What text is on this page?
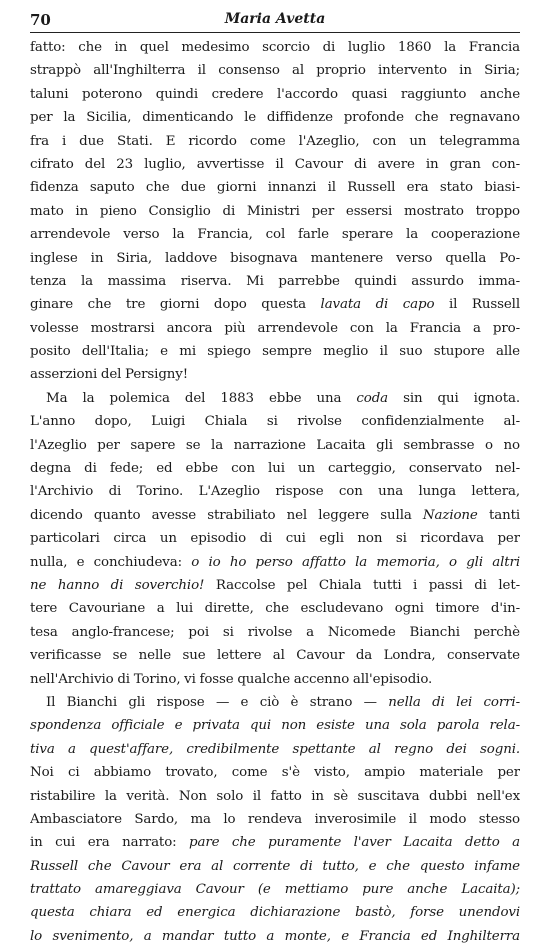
70	Maria Avetta
fatto: che in quel medesimo scorcio di luglio 1860 la Francia
strappò all'Inghilterra il consenso al proprio intervento in Siria;
taluni poterono quindi credere l'accordo quasi raggiunto anche
per la Sicilia, dimenticando le diffidenze profonde che regnavano
fra i due Stati. E ricordo come l'Azeglio, con un telegramma
cifrato del 23 luglio, avvertisse il Cavour di avere in gran con-
fidenza saputo che due giorni innanzi il Russell era stato biasi-
mato in pieno Consiglio di Ministri per essersi mostrato troppo
arrendevole verso la Francia, col farle sperare la cooperazione
inglese in Siria, laddove bisognava mantenere verso quella Po-
tenza la massima riserva. Mi parrebbe quindi assurdo imma-
ginare che tre giorni dopo questa lavata di capo il Russell
volesse mostrarsi ancora più arrendevole con la Francia a pro-
posito dell'Italia; e mi spiego sempre meglio il suo stupore alle
asserzioni del Persigny!
Ma la polemica del 1883 ebbe una coda sin qui ignota.
L'anno dopo, Luigi Chiala si rivolse confidenzialmente al-
l'Azeglio per sapere se la narrazione Lacaita gli sembrasse o no
degna di fede; ed ebbe con lui un carteggio, conservato nel-
l'Archivio di Torino. L'Azeglio rispose con una lunga lettera,
dicendo quanto avesse strabiliato nel leggere sulla Nazione tanti
particolari circa un episodio di cui egli non si ricordava per
nulla, e conchiudeva: o io ho perso affatto la memoria, o gli altri
ne hanno di soverchio! Raccolse pel Chiala tutti i passi di let-
tere Cavouriane a lui dirette, che escludevano ogni timore d'in-
tesa anglo-francese; poi si rivolse a Nicomede Bianchi perchè
verificasse se nelle sue lettere al Cavour da Londra, conservate
nell'Archivio di Torino, vi fosse qualche accenno all'episodio.
Il Bianchi gli rispose — e ciò è strano — nella di lei corri-
spondenza officiale e privata qui non esiste una sola parola rela-
tiva a quest'affare, credibilmente spettante al regno dei sogni.
Noi ci abbiamo trovato, come s'è visto, ampio materiale per
ristabilire la verità. Non solo il fatto in sè suscitava dubbi nell'ex
Ambasciatore Sardo, ma lo rendeva inverosimile il modo stesso
in cui era narrato: pare che puramente l'aver Lacaita detto a
Russell che Cavour era al corrente di tutto, e che questo infame
trattato amareggiava Cavour (e mettiamo pure anche Lacaita);
questa chiara ed energica dichiarazione bastò, forse unendovi
lo svenimento, a mandar tutto a monte, e Francia ed Inghilterra
